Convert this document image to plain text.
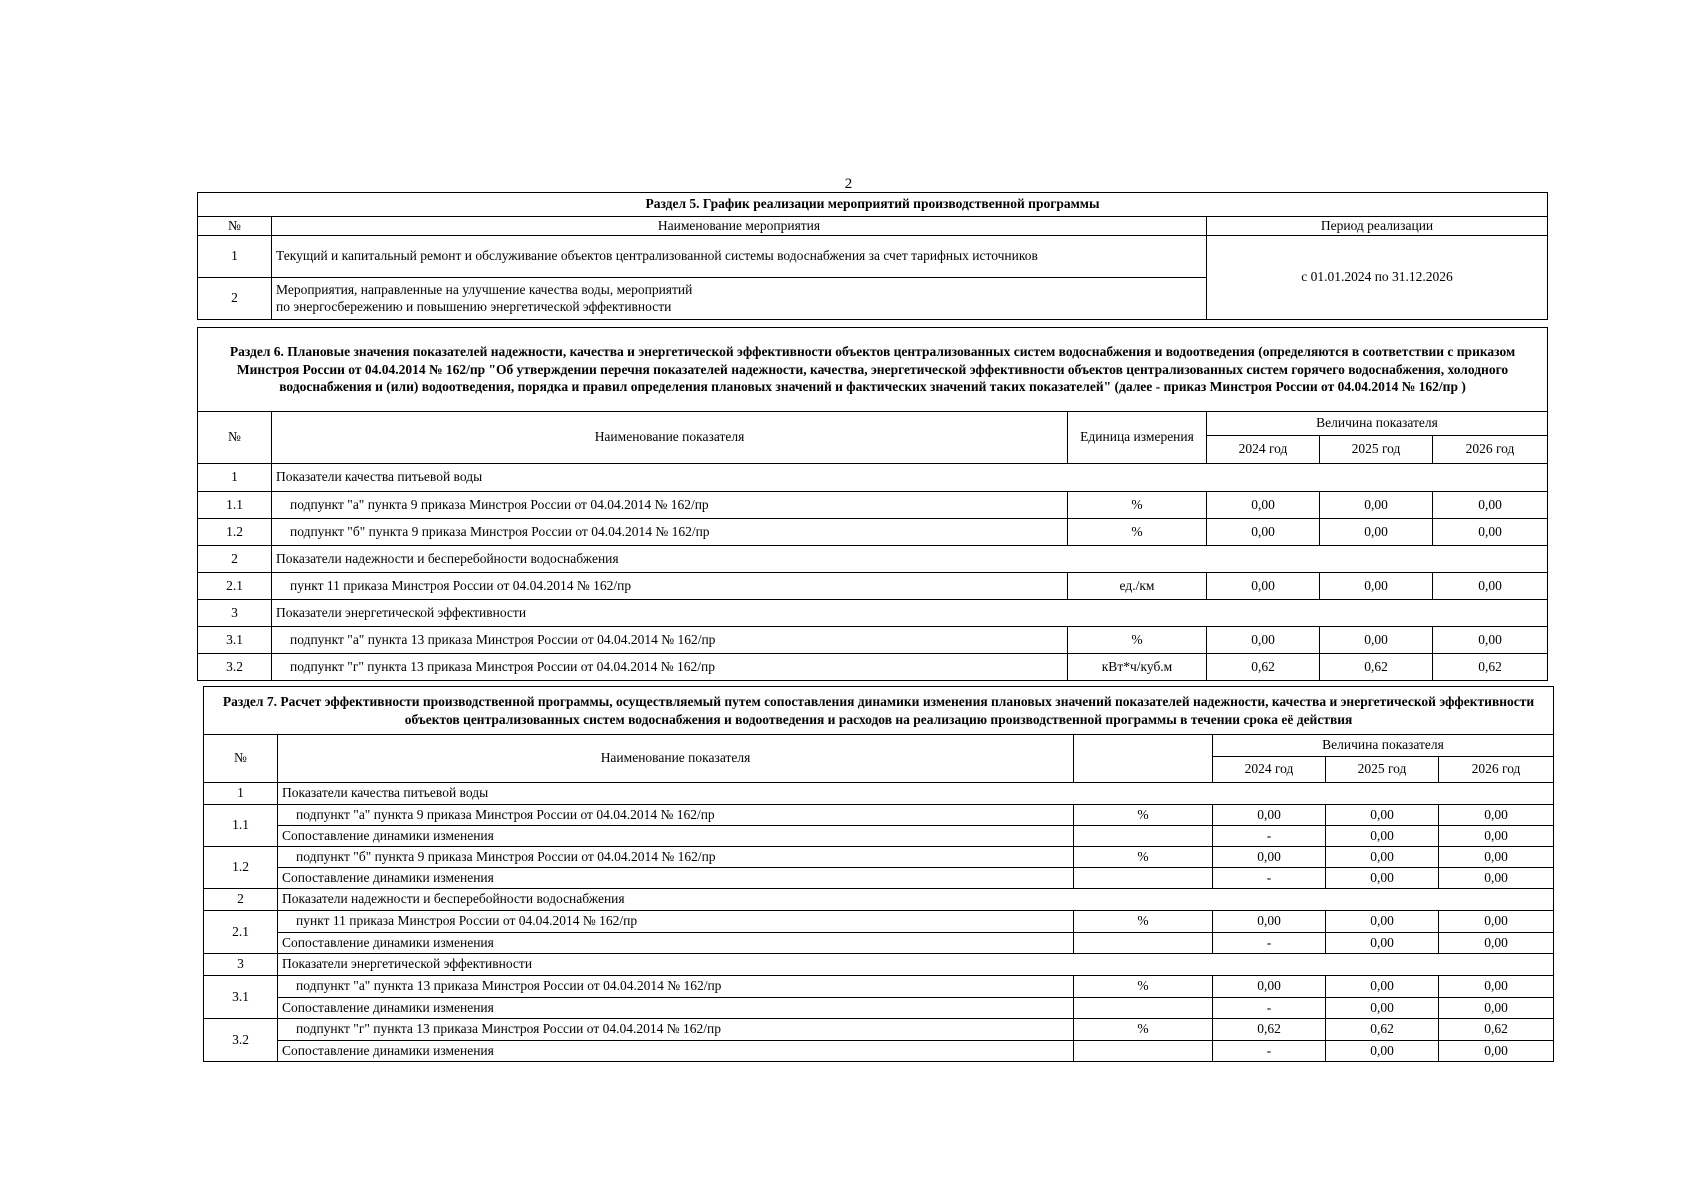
2
Раздел 5. График реализации мероприятий производственной программы		
№	Наименование мероприятия	Период реализации
1	Текущий и капитальный ремонт и обслуживание объектов централизованной системы водоснабжения за счет тарифных источников	с 01.01.2024 по 31.12.2026
2	Мероприятия, направленные на улучшение качества воды, мероприятий
по энергосбережению и повышению энергетической эффективности	
Раздел 6. Плановые значения показателей надежности, качества и энергетической эффективности объектов централизованных систем водоснабжения и водоотведения (определяются в соответствии с приказом Минстроя России от 04.04.2014 № 162/пр "Об утверждении перечня показателей надежности, качества, энергетической эффективности объектов централизованных систем горячего водоснабжения, холодного водоснабжения и (или) водоотведения, порядка и правил определения плановых значений и фактических значений таких показателей" (далее - приказ Минстроя России от 04.04.2014 № 162/пр )					
№	Наименование показателя	Единица измерения	Величина показателя		
			2024 год	2025 год	2026 год
1	Показатели качества питьевой воды				
1.1	подпункт "а" пункта 9 приказа Минстроя России от 04.04.2014 № 162/пр	%	0,00	0,00	0,00
1.2	подпункт "б" пункта 9 приказа Минстроя России от 04.04.2014 № 162/пр	%	0,00	0,00	0,00
2	Показатели надежности и бесперебойности водоснабжения				
2.1	пункт 11 приказа Минстроя России от 04.04.2014 № 162/пр	ед./км	0,00	0,00	0,00
3	Показатели энергетической эффективности				
3.1	подпункт "а" пункта 13 приказа Минстроя России от 04.04.2014 № 162/пр	%	0,00	0,00	0,00
3.2	подпункт "г" пункта 13 приказа Минстроя России от 04.04.2014 № 162/пр	кВт*ч/куб.м	0,62	0,62	0,62
Раздел 7. Расчет эффективности производственной программы, осуществляемый путем сопоставления динамики изменения плановых значений показателей надежности, качества и энергетической эффективности объектов централизованных систем водоснабжения и водоотведения и расходов на реализацию производственной программы в течении срока её действия					
№	Наименование показателя		Величина показателя		
			2024 год	2025 год	2026 год
1	Показатели качества питьевой воды				
1.1	подпункт "а" пункта 9 приказа Минстроя России от 04.04.2014 № 162/пр	%	0,00	0,00	0,00
	Сопоставление динамики изменения		-	0,00	0,00
1.2	подпункт "б" пункта 9 приказа Минстроя России от 04.04.2014 № 162/пр	%	0,00	0,00	0,00
	Сопоставление динамики изменения		-	0,00	0,00
2	Показатели надежности и бесперебойности водоснабжения				
2.1	пункт 11 приказа Минстроя России от 04.04.2014 № 162/пр	%	0,00	0,00	0,00
	Сопоставление динамики изменения		-	0,00	0,00
3	Показатели энергетической эффективности				
3.1	подпункт "а" пункта 13 приказа Минстроя России от 04.04.2014 № 162/пр	%	0,00	0,00	0,00
	Сопоставление динамики изменения		-	0,00	0,00
3.2	подпункт "г" пункта 13 приказа Минстроя России от 04.04.2014 № 162/пр	%	0,62	0,62	0,62
	Сопоставление динамики изменения		-	0,00	0,00
